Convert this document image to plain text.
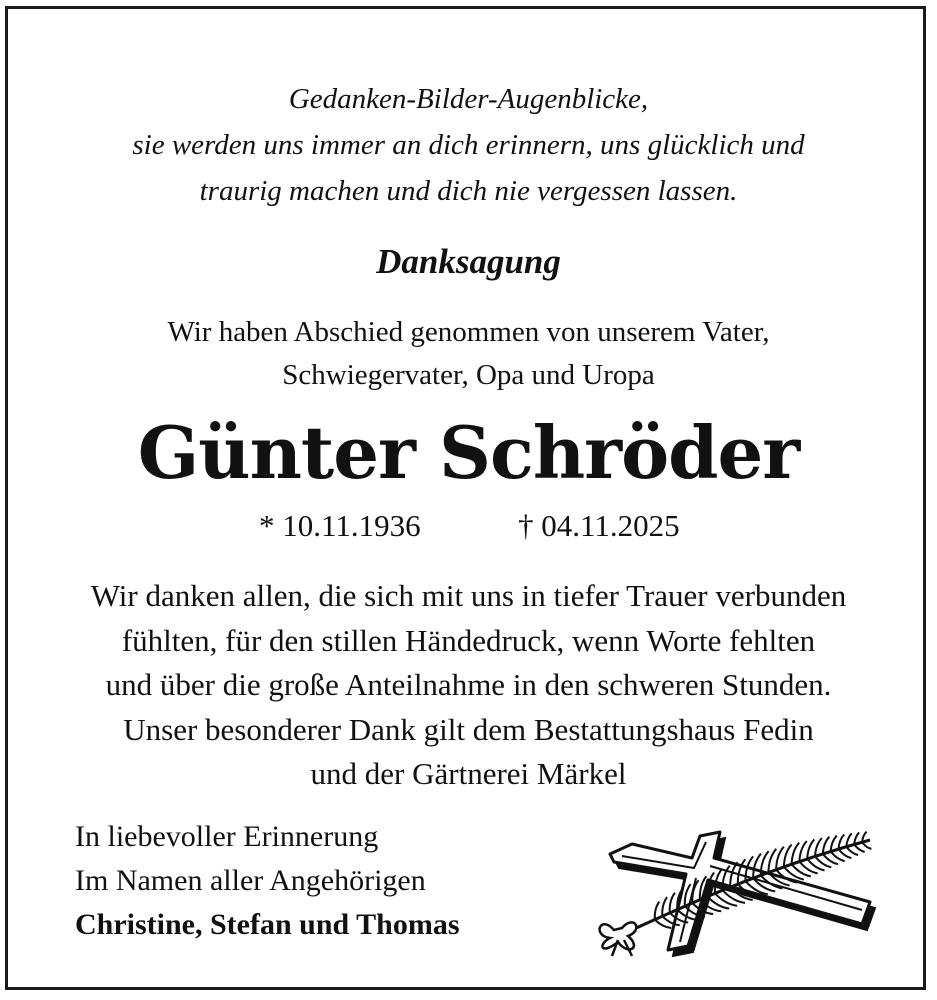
Gedanken-Bilder-Augenblicke,
sie werden uns immer an dich erinnern, uns glücklich und
traurig machen und dich nie vergessen lassen.
Danksagung
Wir haben Abschied genommen von unserem Vater,
Schwiegervater, Opa und Uropa
Günter Schröder
* 10.11.1936	† 04.11.2025
Wir danken allen, die sich mit uns in tiefer Trauer verbunden
fühlten, für den stillen Händedruck, wenn Worte fehlten
und über die große Anteilnahme in den schweren Stunden.
Unser besonderer Dank gilt dem Bestattungshaus Fedin
und der Gärtnerei Märkel
In liebevoller Erinnerung
Im Namen aller Angehörigen
Christine, Stefan und Thomas
